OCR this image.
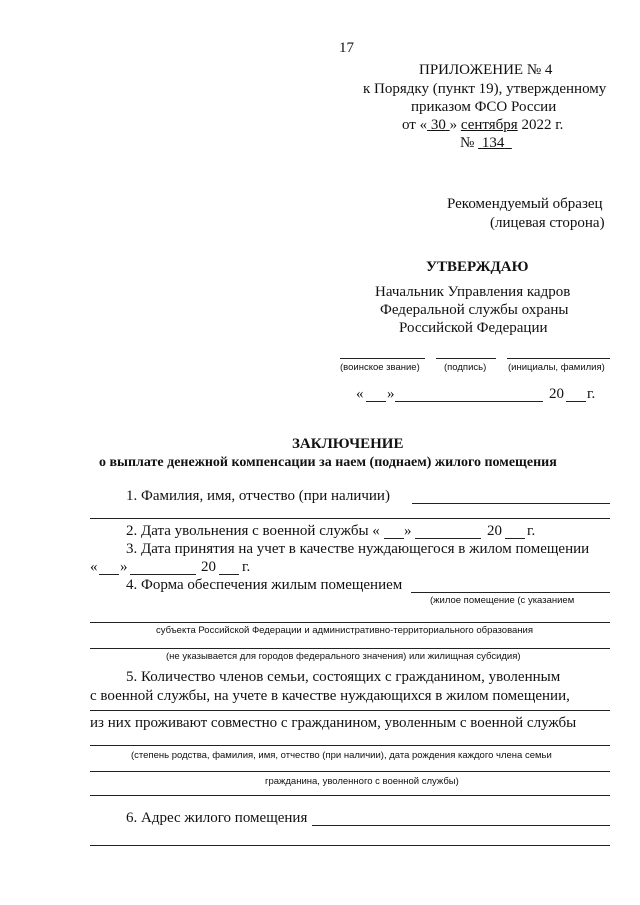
17
ПРИЛОЖЕНИЕ № 4
к Порядку (пункт 19), утвержденному
приказом ФСО России
от « 30 » сентября 2022 г.
№ 134
Рекомендуемый образец
(лицевая сторона)
УТВЕРЖДАЮ
Начальник Управления кадров
Федеральной службы охраны
Российской Федерации
(воинское звание)	(подпись) (инициалы, фамилия)
« »	20 г.
ЗАКЛЮЧЕНИЕ
о выплате денежной компенсации за наем (поднаем) жилого помещения
1. Фамилия, имя, отчество (при наличии)
2. Дата увольнения с военной службы « »	20 г.
3. Дата принятия на учет в качестве нуждающегося в жилом помещении
« »	20 г.
4. Форма обеспечения жилым помещением
(жилое помещение (с указанием
субъекта Российской Федерации и административно-территориального образования
(не указывается для городов федерального значения) или жилищная субсидия)
5. Количество членов семьи, состоящих с гражданином, уволенным
с военной службы, на учете в качестве нуждающихся в жилом помещении,
из них проживают совместно с гражданином, уволенным с военной службы
(степень родства, фамилия, имя, отчество (при наличии), дата рождения каждого члена семьи
гражданина, уволенного с военной службы)
6. Адрес жилого помещения
